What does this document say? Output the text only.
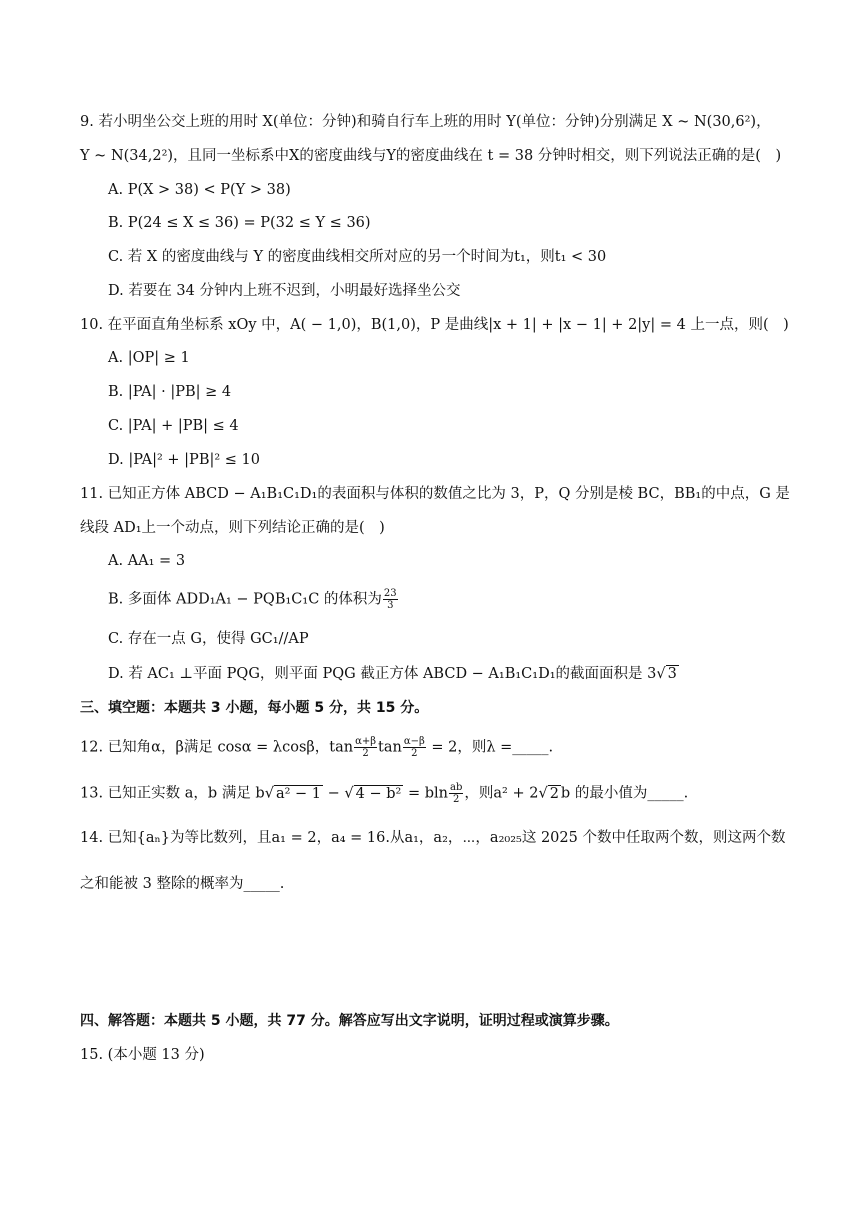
9. 若小明坐公交上班的用时 X(单位：分钟)和骑自行车上班的用时 Y(单位：分钟)分别满足 X ~ N(30,6²)，
Y ~ N(34,2²)，且同一坐标系中X的密度曲线与Y的密度曲线在 t = 38 分钟时相交，则下列说法正确的是(　)
A. P(X > 38) < P(Y > 38)
B. P(24 ≤ X ≤ 36) = P(32 ≤ Y ≤ 36)
C. 若 X 的密度曲线与 Y 的密度曲线相交所对应的另一个时间为t₁，则t₁ < 30
D. 若要在 34 分钟内上班不迟到，小明最好选择坐公交
10. 在平面直角坐标系 xOy 中，A( − 1,0)，B(1,0)，P 是曲线|x + 1| + |x − 1| + 2|y| = 4 上一点，则(　)
A. |OP| ≥ 1
B. |PA| · |PB| ≥ 4
C. |PA| + |PB| ≤ 4
D. |PA|² + |PB|² ≤ 10
11. 已知正方体 ABCD − A₁B₁C₁D₁的表面积与体积的数值之比为 3，P，Q 分别是棱 BC，BB₁的中点，G 是
线段 AD₁上一个动点，则下列结论正确的是(　)
A. AA₁ = 3
B. 多面体 ADD₁A₁ − PQB₁C₁C 的体积为 $\frac{23}{3}$
C. 存在一点 G，使得 GC₁//AP
D. 若 AC₁ ⊥平面 PQG，则平面 PQG 截正方体 ABCD − A₁B₁C₁D₁的截面面积是 3√ 3
三、填空题：本题共 3 小题，每小题 5 分，共 15 分。
12. 已知角α，β满足 cosα = λcosβ，$\tan \frac{\alpha+\beta}{2}$ $\tan \frac{\alpha-\beta}{2} = 2$，则λ =_____.
13. 已知正实数 a，b 满足 b√ a² − 1 − √ 4 − b² = bln $\frac{ab}{2}$ ，则a² + 2√ 2 b 的最小值为_____.
14. 已知{aₙ}为等比数列，且a₁ = 2，a₄ = 16.从a₁，a₂，⋯，a₂₀₂₅这 2025 个数中任取两个数，则这两个数
之和能被 3 整除的概率为_____.
四、解答题：本题共 5 小题，共 77 分。解答应写出文字说明，证明过程或演算步骤。
15. (本小题 13 分)
